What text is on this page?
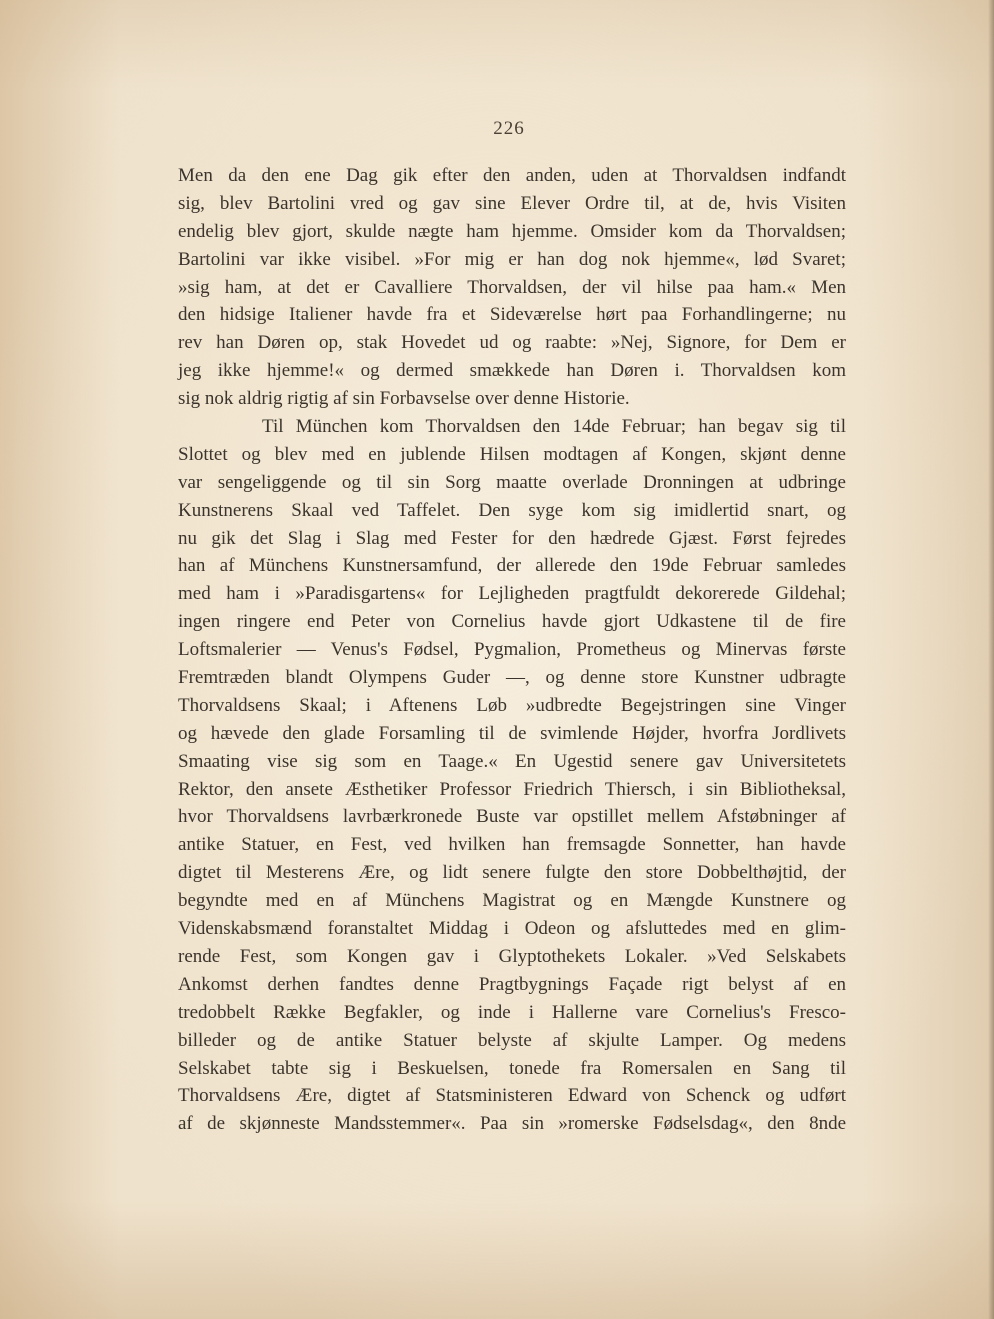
226
Men da den ene Dag gik efter den anden, uden at Thorvaldsen indfandt
sig, blev Bartolini vred og gav sine Elever Ordre til, at de, hvis Visiten
endelig blev gjort, skulde nægte ham hjemme. Omsider kom da Thorvaldsen;
Bartolini var ikke visibel. »For mig er han dog nok hjemme«, lød Svaret;
»sig ham, at det er Cavalliere Thorvaldsen, der vil hilse paa ham.« Men
den hidsige Italiener havde fra et Sideværelse hørt paa Forhandlingerne; nu
rev han Døren op, stak Hovedet ud og raabte: »Nej, Signore, for Dem er
jeg ikke hjemme!« og dermed smækkede han Døren i. Thorvaldsen kom
sig nok aldrig rigtig af sin Forbavselse over denne Historie.
Til München kom Thorvaldsen den 14de Februar; han begav sig til
Slottet og blev med en jublende Hilsen modtagen af Kongen, skjønt denne
var sengeliggende og til sin Sorg maatte overlade Dronningen at udbringe
Kunstnerens Skaal ved Taffelet. Den syge kom sig imidlertid snart, og
nu gik det Slag i Slag med Fester for den hædrede Gjæst. Først fejredes
han af Münchens Kunstnersamfund, der allerede den 19de Februar samledes
med ham i »Paradisgartens« for Lejligheden pragtfuldt dekorerede Gildehal;
ingen ringere end Peter von Cornelius havde gjort Udkastene til de fire
Loftsmalerier — Venus's Fødsel, Pygmalion, Prometheus og Minervas første
Fremtræden blandt Olympens Guder —, og denne store Kunstner udbragte
Thorvaldsens Skaal; i Aftenens Løb »udbredte Begejstringen sine Vinger
og hævede den glade Forsamling til de svimlende Højder, hvorfra Jordlivets
Smaating vise sig som en Taage.« En Ugestid senere gav Universitetets
Rektor, den ansete Æsthetiker Professor Friedrich Thiersch, i sin Bibliotheksal,
hvor Thorvaldsens lavrbærkronede Buste var opstillet mellem Afstøbninger af
antike Statuer, en Fest, ved hvilken han fremsagde Sonnetter, han havde
digtet til Mesterens Ære, og lidt senere fulgte den store Dobbelthøjtid, der
begyndte med en af Münchens Magistrat og en Mængde Kunstnere og
Videnskabsmænd foranstaltet Middag i Odeon og afsluttedes med en glim-
rende Fest, som Kongen gav i Glyptothekets Lokaler. »Ved Selskabets
Ankomst derhen fandtes denne Pragtbygnings Façade rigt belyst af en
tredobbelt Række Begfakler, og inde i Hallerne vare Cornelius's Fresco-
billeder og de antike Statuer belyste af skjulte Lamper. Og medens
Selskabet tabte sig i Beskuelsen, tonede fra Romersalen en Sang til
Thorvaldsens Ære, digtet af Statsministeren Edward von Schenck og udført
af de skjønneste Mandsstemmer«. Paa sin »romerske Fødselsdag«, den 8nde
